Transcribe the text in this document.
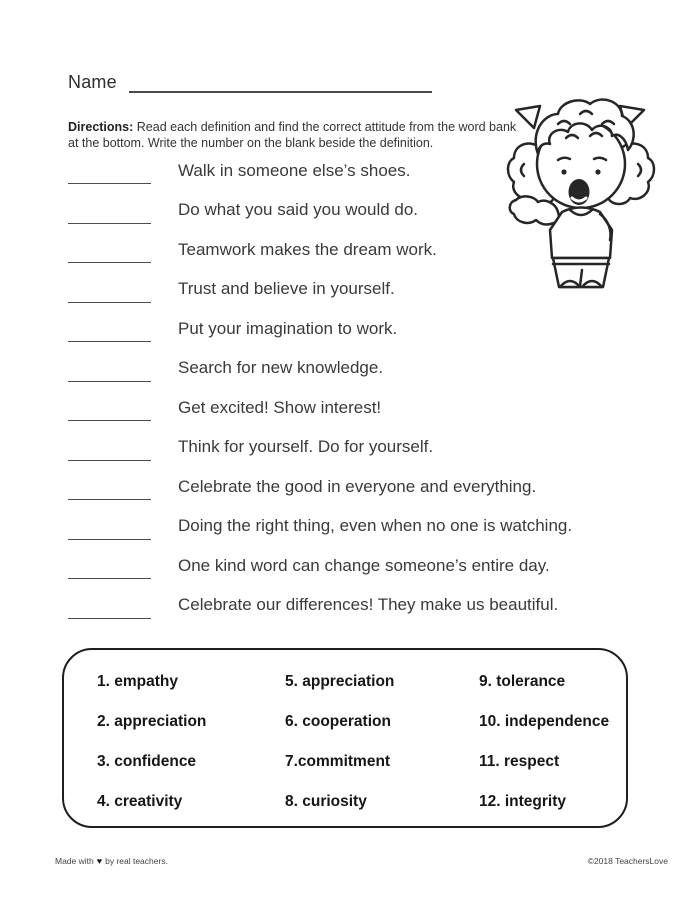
Name

Directions: Read each definition and find the correct attitude from the word bank at the bottom. Write the number on the blank beside the definition.

Walk in someone else’s shoes.
Do what you said you would do.
Teamwork makes the dream work.
Trust and believe in yourself.
Put your imagination to work.
Search for new knowledge.
Get excited! Show interest!
Think for yourself. Do for yourself.
Celebrate the good in everyone and everything.
Doing the right thing, even when no one is watching.
One kind word can change someone’s entire day.
Celebrate our differences! They make us beautiful.
1. empathy
2. appreciation
3. confidence
4. creativity
5. appreciation
6. cooperation
7.commitment
8. curiosity
9. tolerance
10. independence
11. respect
12. integrity
Made with ♥ by real teachers.	©2018 TeachersLove
